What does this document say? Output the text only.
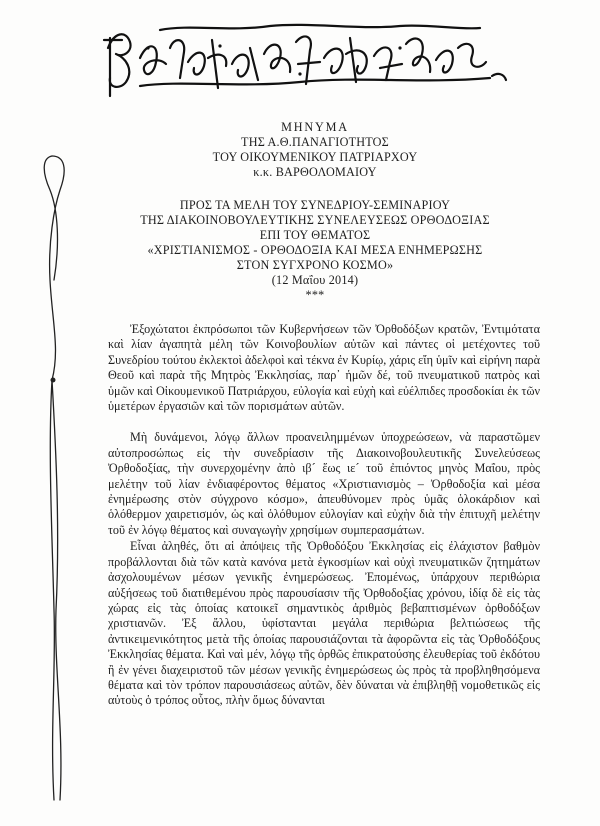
ΜΗΝΥΜΑ
ΤΗΣ Α.Θ.ΠΑΝΑΓΙΟΤΗΤΟΣ
ΤΟΥ ΟΙΚΟΥΜΕΝΙΚΟΥ ΠΑΤΡΙΑΡΧΟΥ
κ.κ. ΒΑΡΘΟΛΟΜΑΙΟΥ
ΠΡΟΣ ΤΑ ΜΕΛΗ ΤΟΥ ΣΥΝΕΔΡΙΟΥ-ΣΕΜΙΝΑΡΙΟΥ
ΤΗΣ ΔΙΑΚΟΙΝΟΒΟΥΛΕΥΤΙΚΗΣ ΣΥΝΕΛΕΥΣΕΩΣ ΟΡΘΟΔΟΞΙΑΣ
ΕΠΙ ΤΟΥ ΘΕΜΑΤΟΣ
«ΧΡΙΣΤΙΑΝΙΣΜΟΣ - ΟΡΘΟΔΟΞΙΑ ΚΑΙ ΜΕΣΑ ΕΝΗΜΕΡΩΣΗΣ
ΣΤΟΝ ΣΥΓΧΡΟΝΟ ΚΟΣΜΟ»
(12 Μαΐου 2014)
***

Ἐξοχώτατοι ἐκπρόσωποι τῶν Κυβερνήσεων τῶν Ὀρθοδόξων κρατῶν, Ἐντιμότατα καὶ λίαν ἀγαπητὰ μέλη τῶν Κοινοβουλίων αὐτῶν καὶ πάντες οἱ μετέχοντες τοῦ Συνεδρίου τούτου ἐκλεκτοὶ ἀδελφοὶ καὶ τέκνα ἐν Κυρίῳ, χάρις εἴη ὑμῖν καὶ εἰρήνη παρὰ Θεοῦ καὶ παρὰ τῆς Μητρὸς Ἐκκλησίας, παρ᾿ ἡμῶν δέ, τοῦ πνευματικοῦ πατρὸς καὶ ὑμῶν καὶ Οἰκουμενικοῦ Πατριάρχου, εὐλογία καὶ εὐχὴ καὶ εὐέλπιδες προσδοκίαι ἐκ τῶν ὑμετέρων ἐργασιῶν καὶ τῶν πορισμάτων αὐτῶν.

Μὴ δυνάμενοι, λόγῳ ἄλλων προανειλημμένων ὑποχρεώσεων, νὰ παραστῶμεν αὐτοπροσώπως εἰς τὴν συνεδρίασιν τῆς Διακοινοβουλευτικῆς Συνελεύσεως Ὀρθοδοξίας, τὴν συνερχομένην ἀπὸ ιβ´ ἕως ιε´ τοῦ ἐπιόντος μηνὸς Μαΐου, πρὸς μελέτην τοῦ λίαν ἐνδιαφέροντος θέματος «Χριστιανισμὸς – Ὀρθοδοξία καὶ μέσα ἐνημέρωσης στὸν σύγχρονο κόσμο», ἀπευθύνομεν πρὸς ὑμᾶς ὁλοκάρδιον καὶ ὁλόθερμον χαιρετισμόν, ὡς καὶ ὁλόθυμον εὐλογίαν καὶ εὐχὴν διὰ τὴν ἐπιτυχῆ μελέτην τοῦ ἐν λόγῳ θέματος καὶ συναγωγὴν χρησίμων συμπερασμάτων.

Εἶναι ἀληθές, ὅτι αἱ ἀπόψεις τῆς Ὀρθοδόξου Ἐκκλησίας εἰς ἐλάχιστον βαθμὸν προβάλλονται διὰ τῶν κατὰ κανόνα μετὰ ἐγκοσμίων καὶ οὐχὶ πνευματικῶν ζητημάτων ἀσχολουμένων μέσων γενικῆς ἐνημερώσεως. Ἐπομένως, ὑπάρχουν περιθώρια αὐξήσεως τοῦ διατιθεμένου πρὸς παρουσίασιν τῆς Ὀρθοδοξίας χρόνου, ἰδίᾳ δὲ εἰς τὰς χώρας εἰς τὰς ὁποίας κατοικεῖ σημαντικὸς ἀριθμὸς βεβαπτισμένων ὀρθοδόξων χριστιανῶν. Ἐξ ἄλλου, ὑφίστανται μεγάλα περιθώρια βελτιώσεως τῆς ἀντικειμενικότητος μετὰ τῆς ὁποίας παρουσιάζονται τὰ ἀφορῶντα εἰς τὰς Ὀρθοδόξους Ἐκκλησίας θέματα. Καὶ ναὶ μέν, λόγῳ τῆς ὀρθῶς ἐπικρατούσης ἐλευθερίας τοῦ ἐκδότου ἢ ἐν γένει διαχειριστοῦ τῶν μέσων γενικῆς ἐνημερώσεως ὡς πρὸς τὰ προβληθησόμενα θέματα καὶ τὸν τρόπον παρουσιάσεως αὐτῶν, δὲν δύναται νὰ ἐπιβληθῇ νομοθετικῶς εἰς αὐτοὺς ὁ τρόπος οὗτος, πλὴν ὅμως δύνανται
